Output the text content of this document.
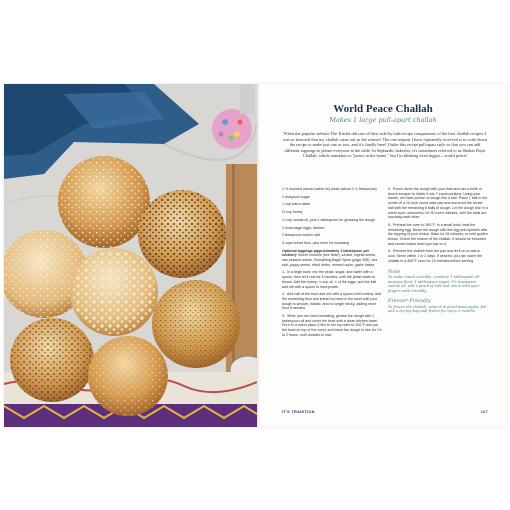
World Peace Challah
Makes 1 large pull-apart challah

When the popular website The Kitchn did one of their side-by-side recipe comparisons of the best challah recipes, I was so honored that my challah came out as the winner! The one request I have repeatedly received is to scale down the recipe to make just one or two, and it's finally here! I bake this recipe pull-apart style so that you can add different toppings to please everyone at the table. In Sephardic bakeries, it's sometimes referred to as Shabas Bayit Challah, which translates to "peace in the home," but I'm thinking even bigger—world peace!

1 ½ rounded packet active dry yeast (about 2 ¼ teaspoons)

1 teaspoon sugar

1 cup warm water

½ cup honey

¼ cup canola oil, plus 1 tablespoon for greasing the dough

2 extra-large eggs, divided

2 teaspoons kosher salt

4 cups bread flour, plus more for kneading

Optional toppings (approximately 1 tablespoon per section): Sweet crumble (see Note), za'atar, nigella seeds, raw sesame seeds, Everything Bagel Spice (page 305), sea salt, poppy seeds, dried herbs, minced onion, garlic flakes

1. In a large bowl, mix the yeast, sugar, and water with a spoon, then let it rest for 5 minutes, until the yeast starts to bloom. Add the honey, ¼ cup oil, 1 of the eggs, and the salt and stir with a spoon to incorporate.

2. Add half of the flour and mix with a spoon until creamy. Add the remaining flour and knead by hand in the bowl until your dough is smooth, elastic, and no longer sticky, adding more flour if needed.

3. When you are done kneading, grease the dough with 1 tablespoon oil and cover the bowl with a clean kitchen towel. Put it in a warm place (I like to set my oven to 200°F and put the bowl on top of the oven) and leave the dough to rise for 1½ to 2 hours, until doubled in size.

4. Punch down the dough with your fists and use a knife or bench scraper to divide it into 7 equal portions. Using your hands, roll each portion of dough into a ball. Place 1 ball in the center of a 10-inch round cake pan and surround the center ball with the remaining 6 balls of dough. Let the dough rise in a warm spot, uncovered, for 30 more minutes, until the balls are touching each other.

5. Preheat the oven to 350°F. In a small bowl, beat the remaining egg. Brush the dough with the egg and sprinkle with the topping of your choice. Bake for 35 minutes, or until golden brown. Check the bottom of the challah. It should be browned and sound hollow when you tap on it.

6. Remove the challah from the pan and let it on a rack to cool. Serve within 1 or 2 days. If desired, you can warm the challah in a 350°F oven for 15 minutes before serving.

Note

To make sweet crumble, combine 1 tablespoon all-purpose flour, 1 tablespoon sugar, 1½ teaspoons canola oil, and a pinch of salt and mix it with your fingers until crumbly.

Freezer-Friendly

To freeze the challah, wrap it in parchment paper, foil, and a zip-top bag and freeze for up to 3 months.

IT'S TRADITION	127
